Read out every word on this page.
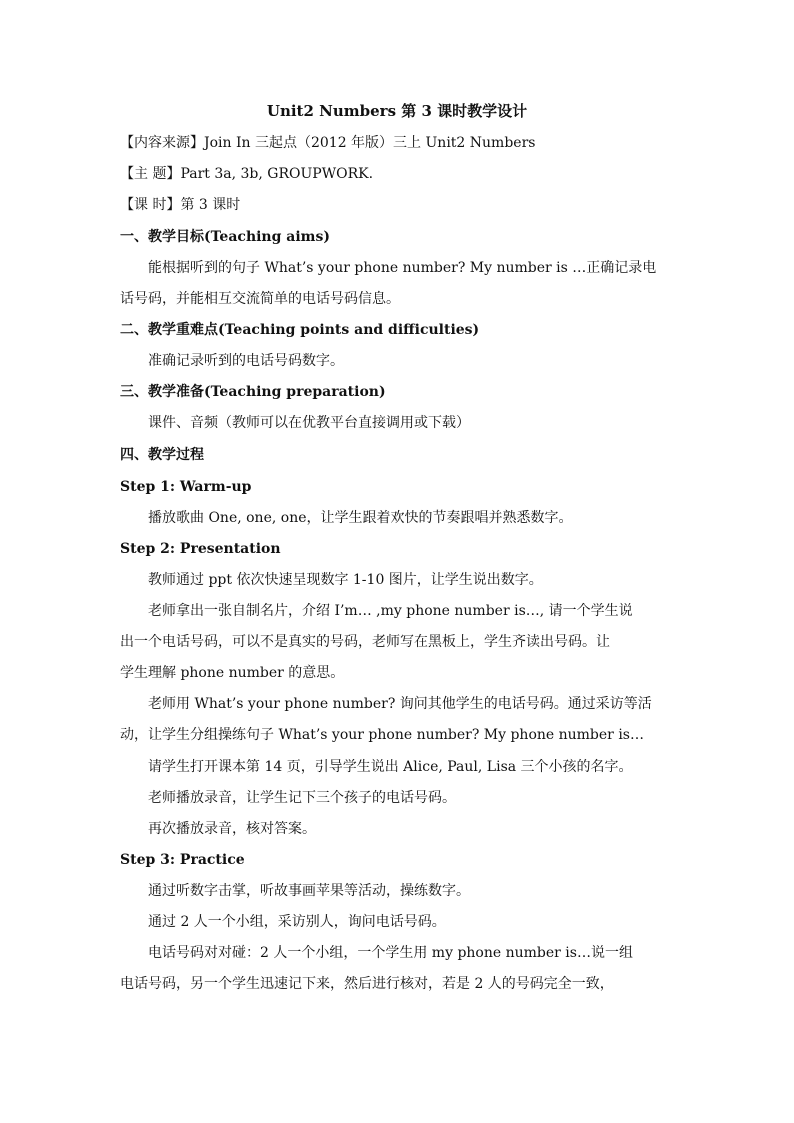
Unit2 Numbers 第 3 课时教学设计
【内容来源】Join In 三起点（2012 年版）三上 Unit2 Numbers
【主 题】Part 3a, 3b, GROUPWORK.
【课 时】第 3 课时
一、教学目标(Teaching aims)
能根据听到的句子 What’s your phone number? My number is …正确记录电
话号码，并能相互交流简单的电话号码信息。
二、教学重难点(Teaching points and difficulties)
准确记录听到的电话号码数字。
三、教学准备(Teaching preparation)
课件、音频（教师可以在优教平台直接调用或下载）
四、教学过程
Step 1: Warm-up
播放歌曲 One, one, one，让学生跟着欢快的节奏跟唱并熟悉数字。
Step 2: Presentation
教师通过 ppt 依次快速呈现数字 1-10 图片，让学生说出数字。
老师拿出一张自制名片，介绍 I’m… ,my phone number is…, 请一个学生说
出一个电话号码，可以不是真实的号码，老师写在黑板上，学生齐读出号码。让
学生理解 phone number 的意思。
老师用 What’s your phone number? 询问其他学生的电话号码。通过采访等活
动，让学生分组操练句子 What’s your phone number? My phone number is…
请学生打开课本第 14 页，引导学生说出 Alice, Paul, Lisa 三个小孩的名字。
老师播放录音，让学生记下三个孩子的电话号码。
再次播放录音，核对答案。
Step 3: Practice
通过听数字击掌，听故事画苹果等活动，操练数字。
通过 2 人一个小组，采访别人，询问电话号码。
电话号码对对碰：2 人一个小组，一个学生用 my phone number is…说一组
电话号码，另一个学生迅速记下来，然后进行核对，若是 2 人的号码完全一致，
